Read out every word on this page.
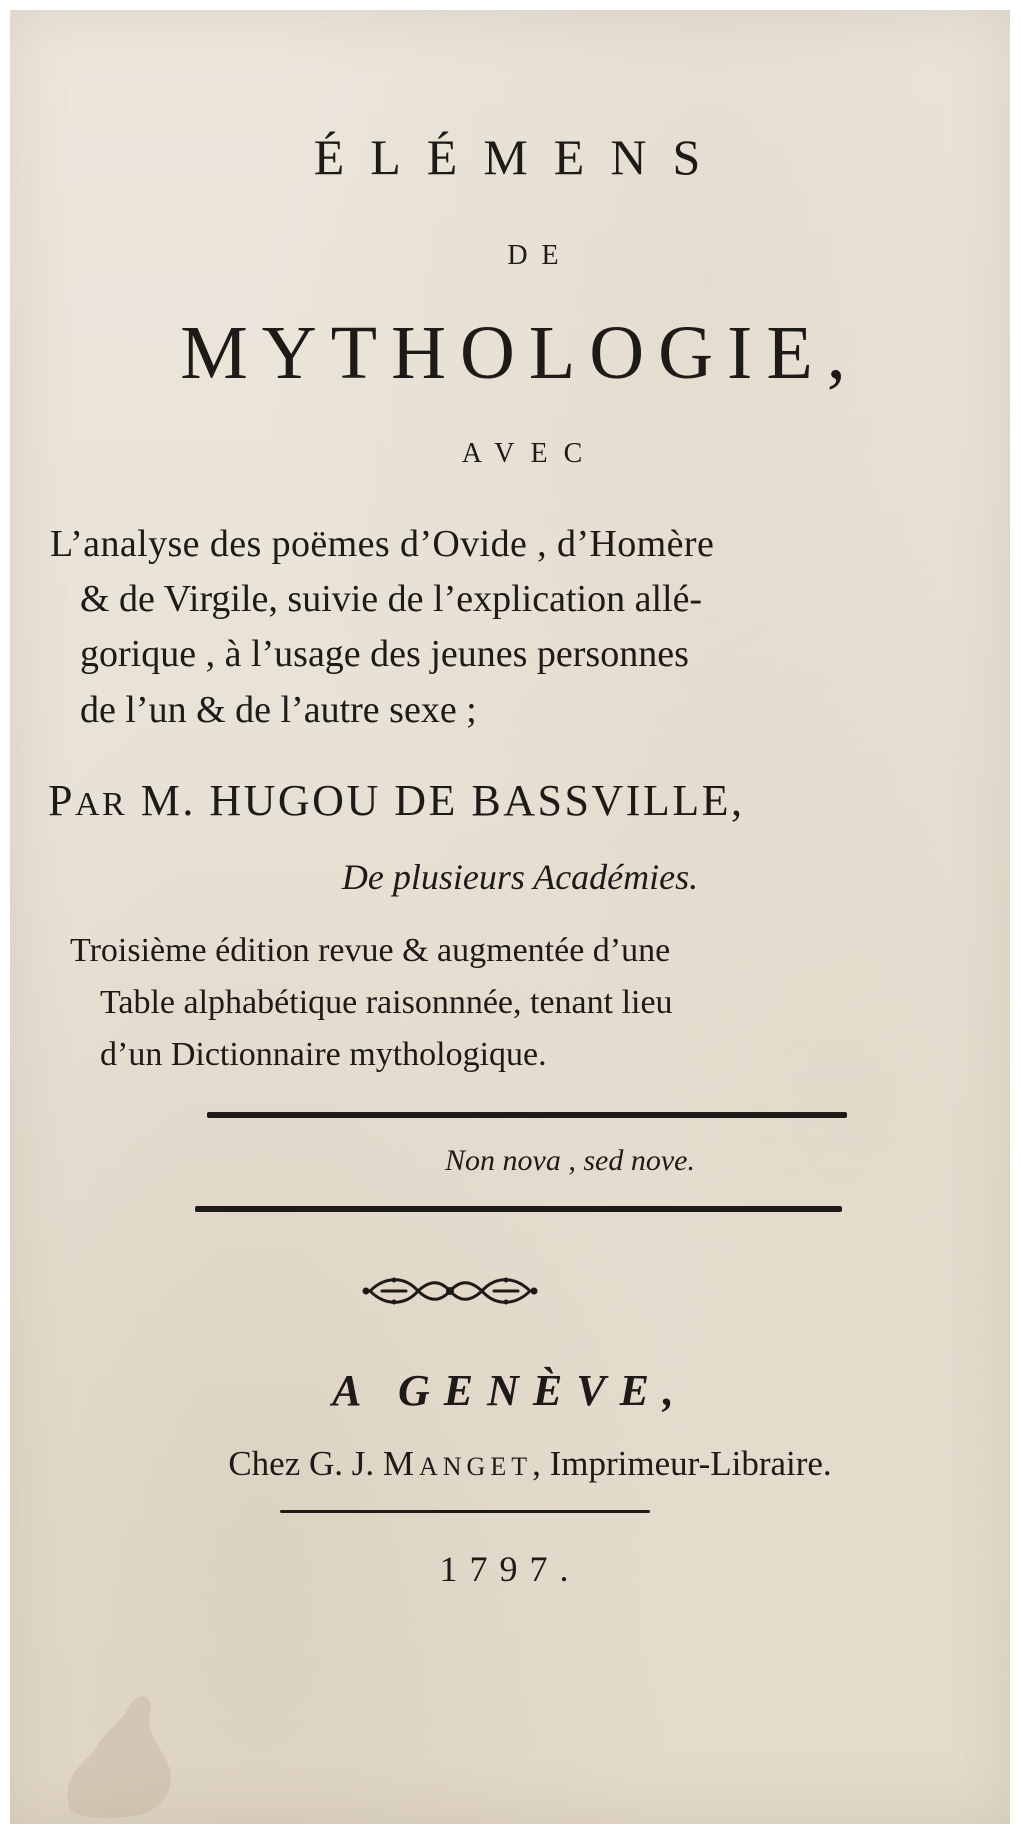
ÉLÉMENS

DE

MYTHOLOGIE,

AVEC

L’analyse des poëmes d’Ovide , d’Homère

& de Virgile, suivie de l’explication allé-

gorique , à l’usage des jeunes personnes

de l’un & de l’autre sexe ;

PAR M. HUGOU DE BASSVILLE,

De plusieurs Académies.

Troisième édition revue & augmentée d’une

Table alphabétique raisonnnée, tenant lieu

d’un Dictionnaire mythologique.

Non nova , sed nove.

A GENÈVE,

Chez G. J. MANGET, Imprimeur-Libraire.

1797.
